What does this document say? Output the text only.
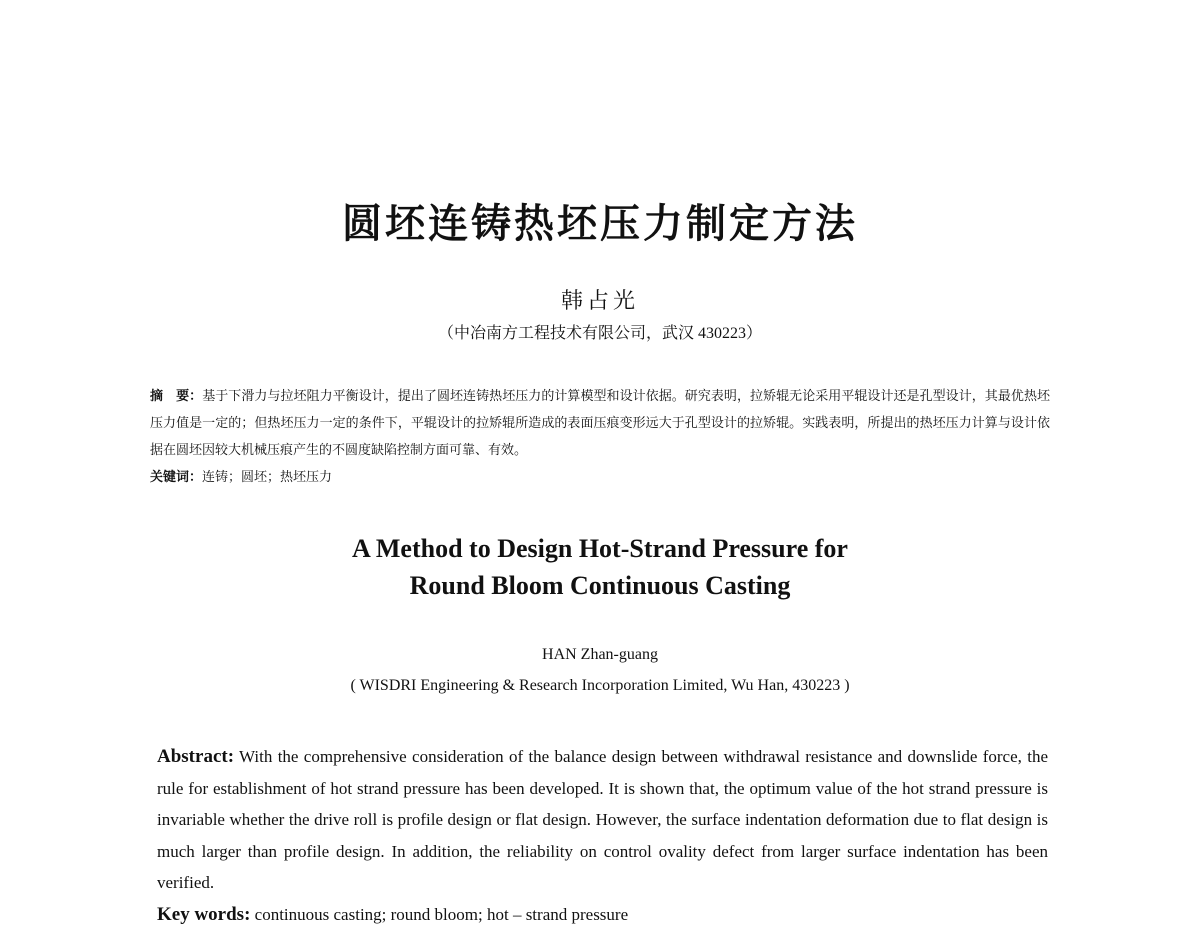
圆坯连铸热坯压力制定方法
韩占光
（中冶南方工程技术有限公司，武汉 430223）
摘　要：基于下滑力与拉坯阻力平衡设计，提出了圆坯连铸热坯压力的计算模型和设计依据。研究表明，拉矫辊无论采用平辊设计还是孔型设计，其最优热坯压力值是一定的；但热坯压力一定的条件下，平辊设计的拉矫辊所造成的表面压痕变形远大于孔型设计的拉矫辊。实践表明，所提出的热坯压力计算与设计依据在圆坯因较大机械压痕产生的不圆度缺陷控制方面可靠、有效。
关键词：连铸；圆坯；热坯压力
A Method to Design Hot-Strand Pressure for
Round Bloom Continuous Casting
HAN Zhan-guang
( WISDRI Engineering & Research Incorporation Limited, Wu Han, 430223 )
Abstract: With the comprehensive consideration of the balance design between withdrawal resistance and downslide force, the rule for establishment of hot strand pressure has been developed. It is shown that, the optimum value of the hot strand pressure is invariable whether the drive roll is profile design or flat design. However, the surface indentation deformation due to flat design is much larger than profile design. In addition, the reliability on control ovality defect from larger surface indentation has been verified.
Key words: continuous casting; round bloom; hot – strand pressure
